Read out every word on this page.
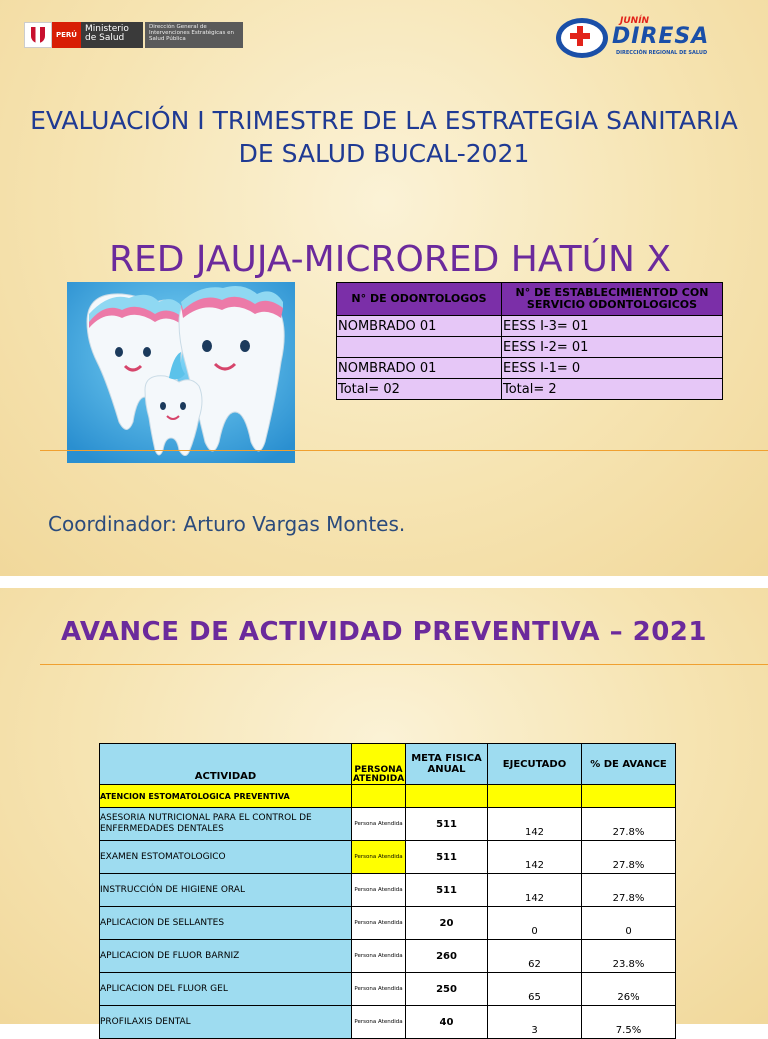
PERÚ
Ministerio de Salud
Dirección General de Intervenciones Estratégicas en Salud Pública
JUNÍN
DIRESA
DIRECCIÓN REGIONAL DE SALUD
EVALUACIÓN I TRIMESTRE DE LA ESTRATEGIA SANITARIA
DE SALUD BUCAL-2021
RED JAUJA-MICRORED HATÚN X
N° DE ODONTOLOGOS	N° DE ESTABLECIMIENTOD CON SERVICIO ODONTOLOGICOS
NOMBRADO 01	EESS I-3= 01
	EESS I-2= 01
NOMBRADO 01	EESS I-1= 0
Total= 02	Total= 2
Coordinador: Arturo Vargas Montes.
AVANCE DE ACTIVIDAD PREVENTIVA – 2021
ACTIVIDAD	PERSONA ATENDIDA	META FISICA ANUAL	EJECUTADO	% DE AVANCE
ATENCION ESTOMATOLOGICA PREVENTIVA				
ASESORIA NUTRICIONAL PARA EL CONTROL DE ENFERMEDADES DENTALES	Persona Atendida	511	142	27.8%
EXAMEN ESTOMATOLOGICO	Persona Atendida	511	142	27.8%
INSTRUCCIÓN DE HIGIENE ORAL	Persona Atendida	511	142	27.8%
APLICACION DE SELLANTES	Persona Atendida	20	0	0
APLICACION DE FLUOR BARNIZ	Persona Atendida	260	62	23.8%
APLICACION DEL FLUOR GEL	Persona Atendida	250	65	26%
PROFILAXIS DENTAL	Persona Atendida	40	3	7.5%
